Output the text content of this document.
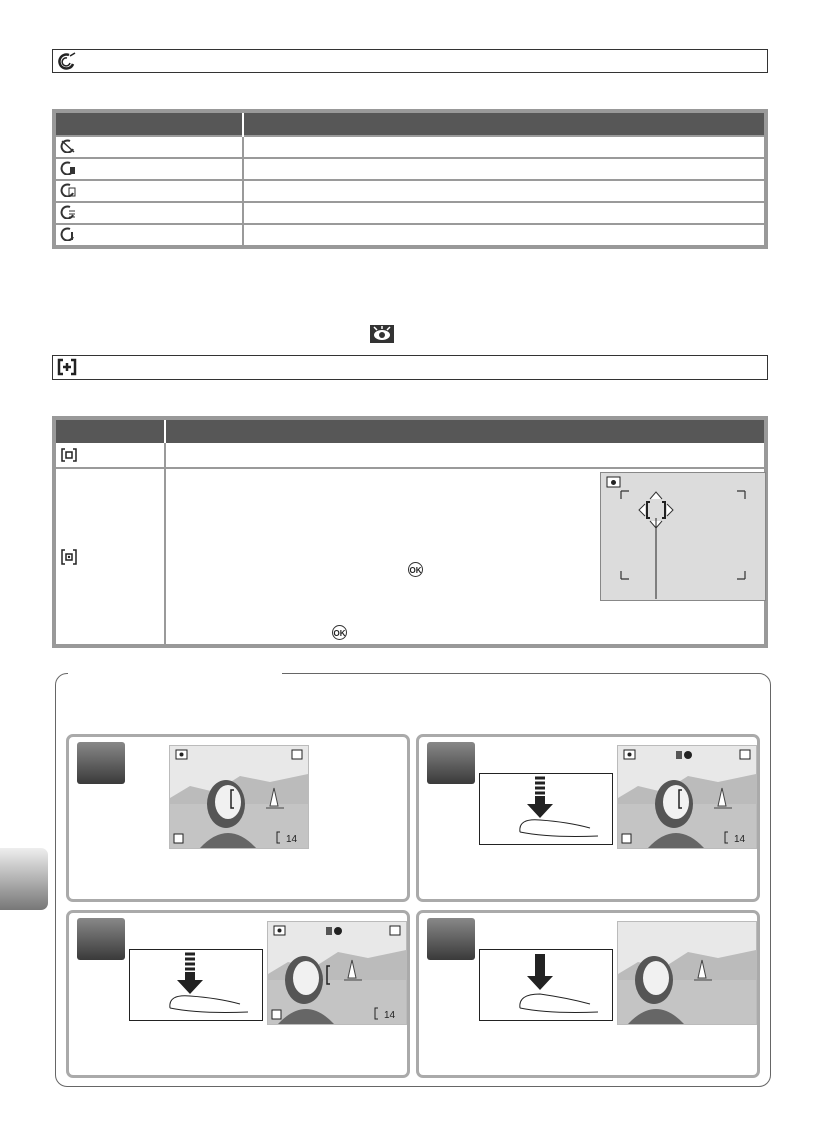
OK
OK
14	14
14
